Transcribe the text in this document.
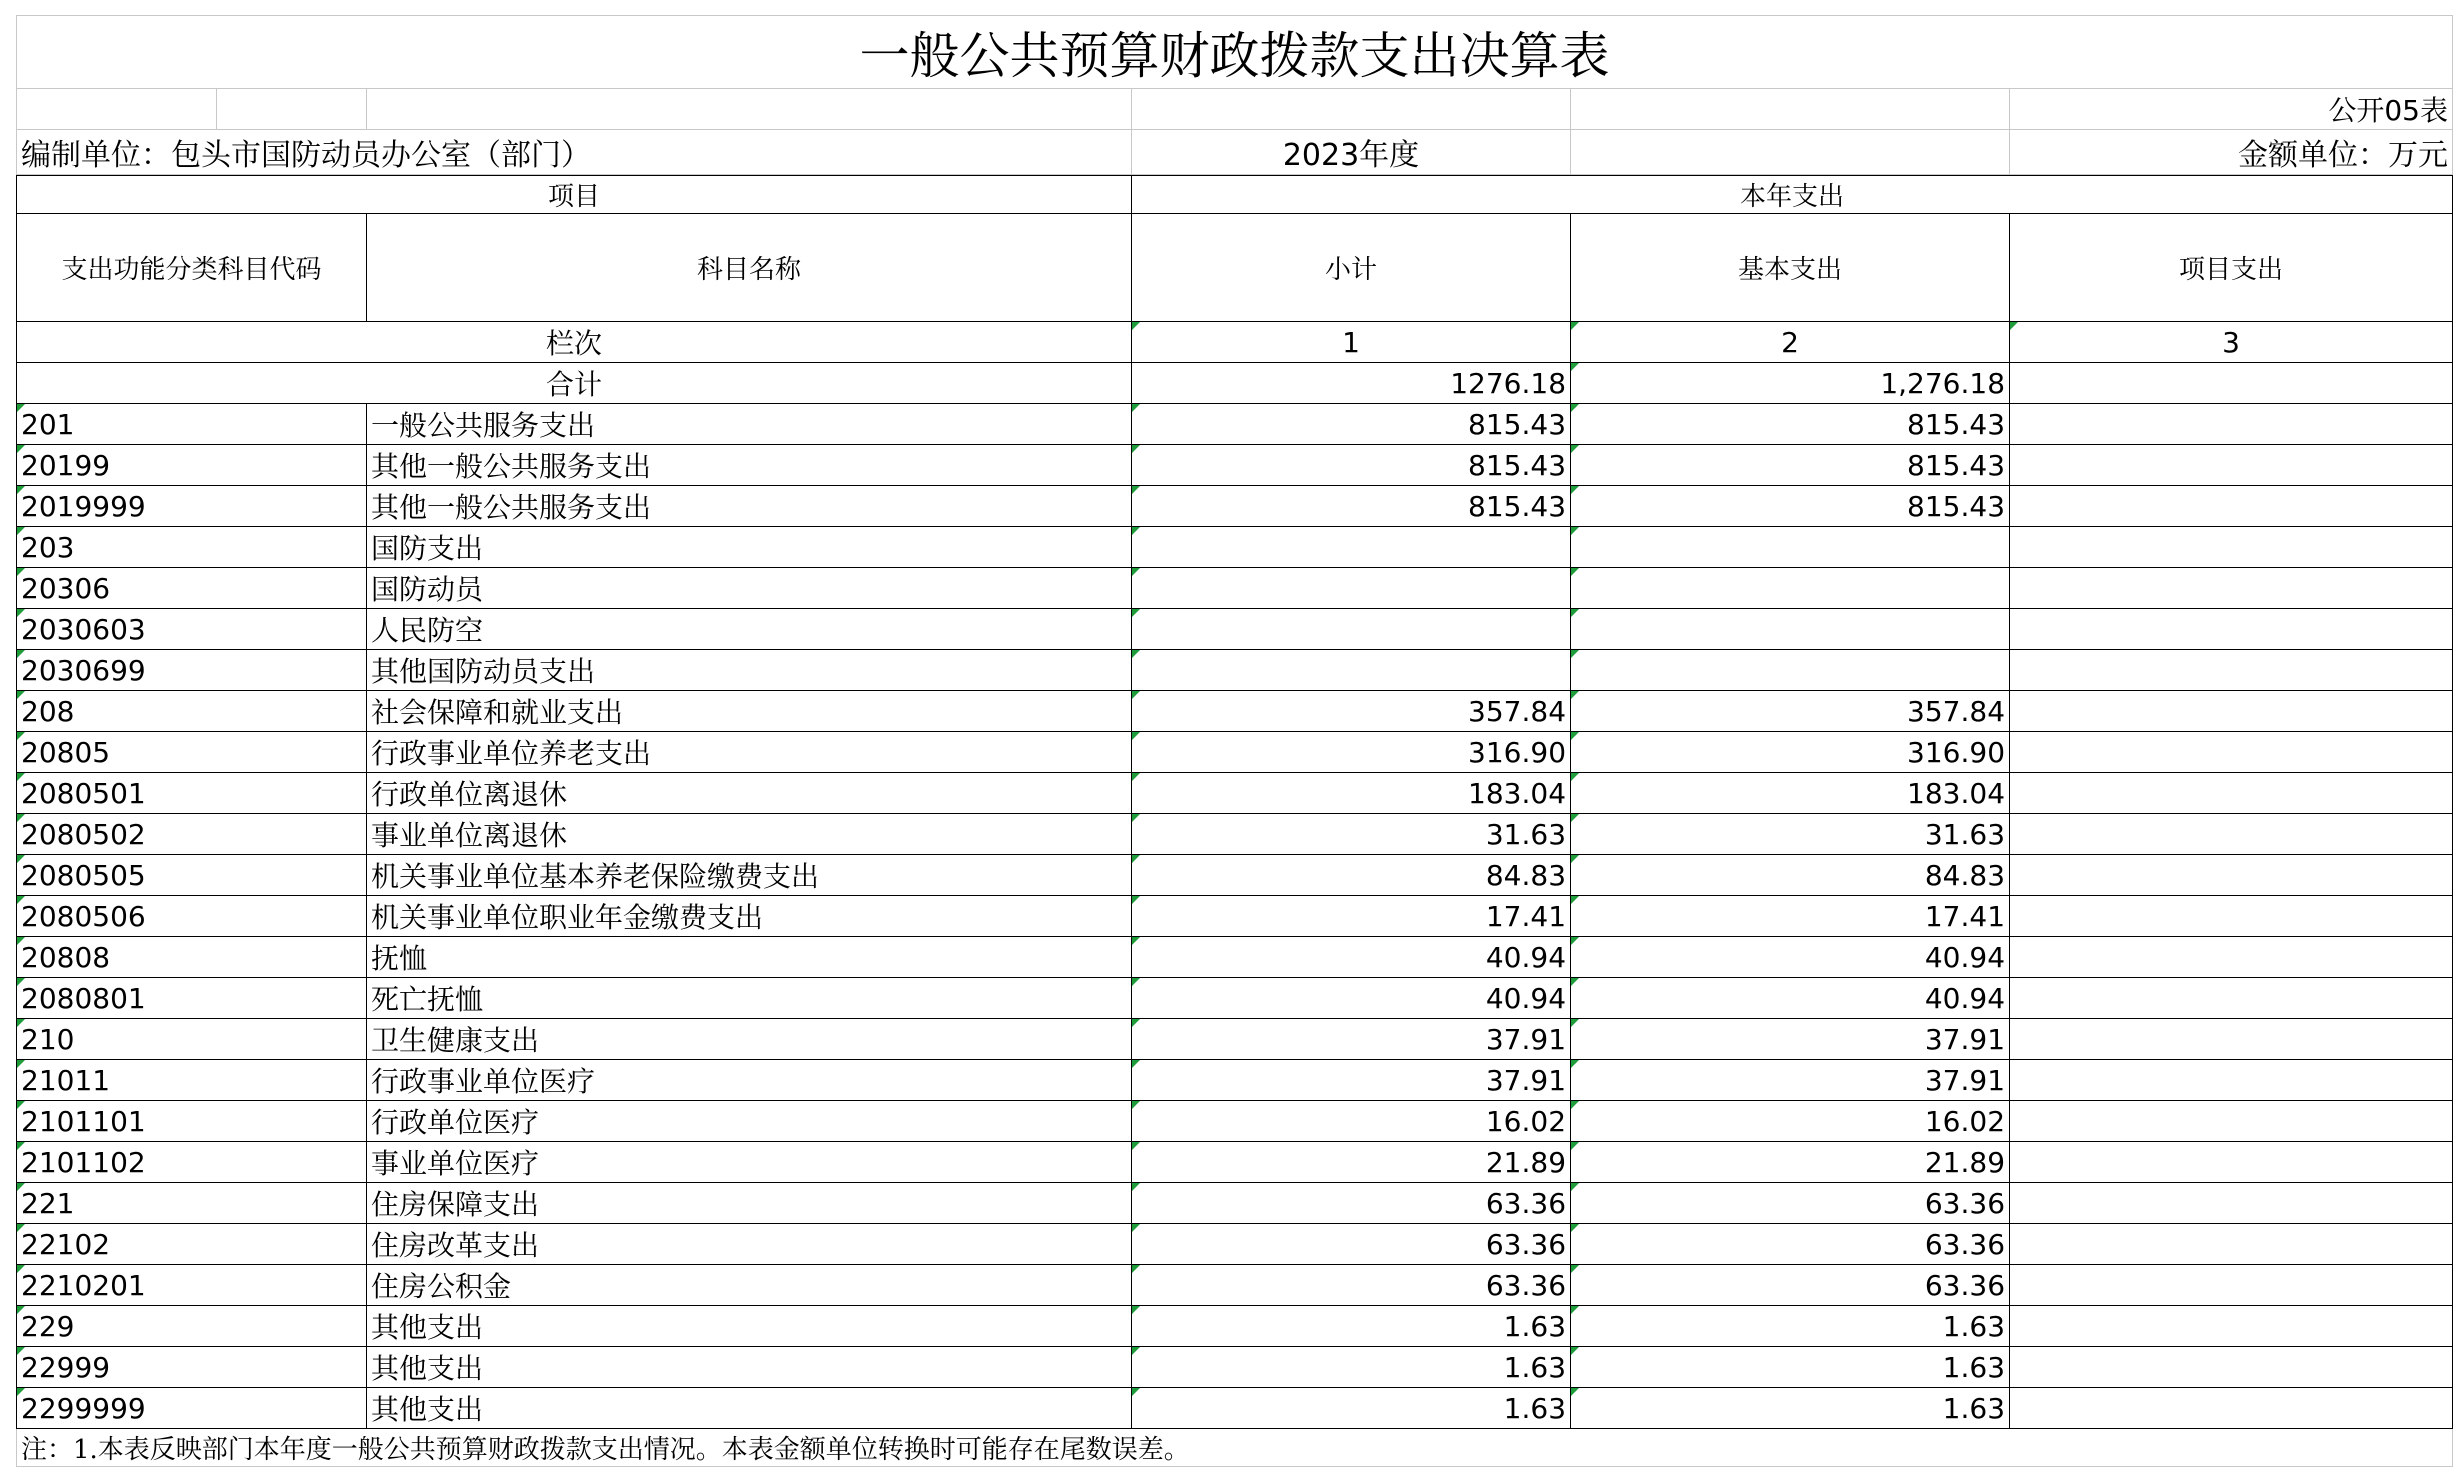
一般公共预算财政拨款支出决算表					
					公开05表
编制单位：包头市国防动员办公室（部门）			2023年度		金额单位：万元
项目		本年支出		
支出功能分类科目代码	科目名称	小计	基本支出	项目支出
栏次		1	2	3
合计		1276.18	1,276.18	
201	一般公共服务支出	815.43	815.43	
20199	其他一般公共服务支出	815.43	815.43	
2019999	其他一般公共服务支出	815.43	815.43	
203	国防支出			
20306	国防动员			
2030603	人民防空			
2030699	其他国防动员支出			
208	社会保障和就业支出	357.84	357.84	
20805	行政事业单位养老支出	316.90	316.90	
2080501	行政单位离退休	183.04	183.04	
2080502	事业单位离退休	31.63	31.63	
2080505	机关事业单位基本养老保险缴费支出	84.83	84.83	
2080506	机关事业单位职业年金缴费支出	17.41	17.41	
20808	抚恤	40.94	40.94	
2080801	死亡抚恤	40.94	40.94	
210	卫生健康支出	37.91	37.91	
21011	行政事业单位医疗	37.91	37.91	
2101101	行政单位医疗	16.02	16.02	
2101102	事业单位医疗	21.89	21.89	
221	住房保障支出	63.36	63.36	
22102	住房改革支出	63.36	63.36	
2210201	住房公积金	63.36	63.36	
229	其他支出	1.63	1.63	
22999	其他支出	1.63	1.63	
2299999	其他支出	1.63	1.63	
注：1.本表反映部门本年度一般公共预算财政拨款支出情况。本表金额单位转换时可能存在尾数误差。				
